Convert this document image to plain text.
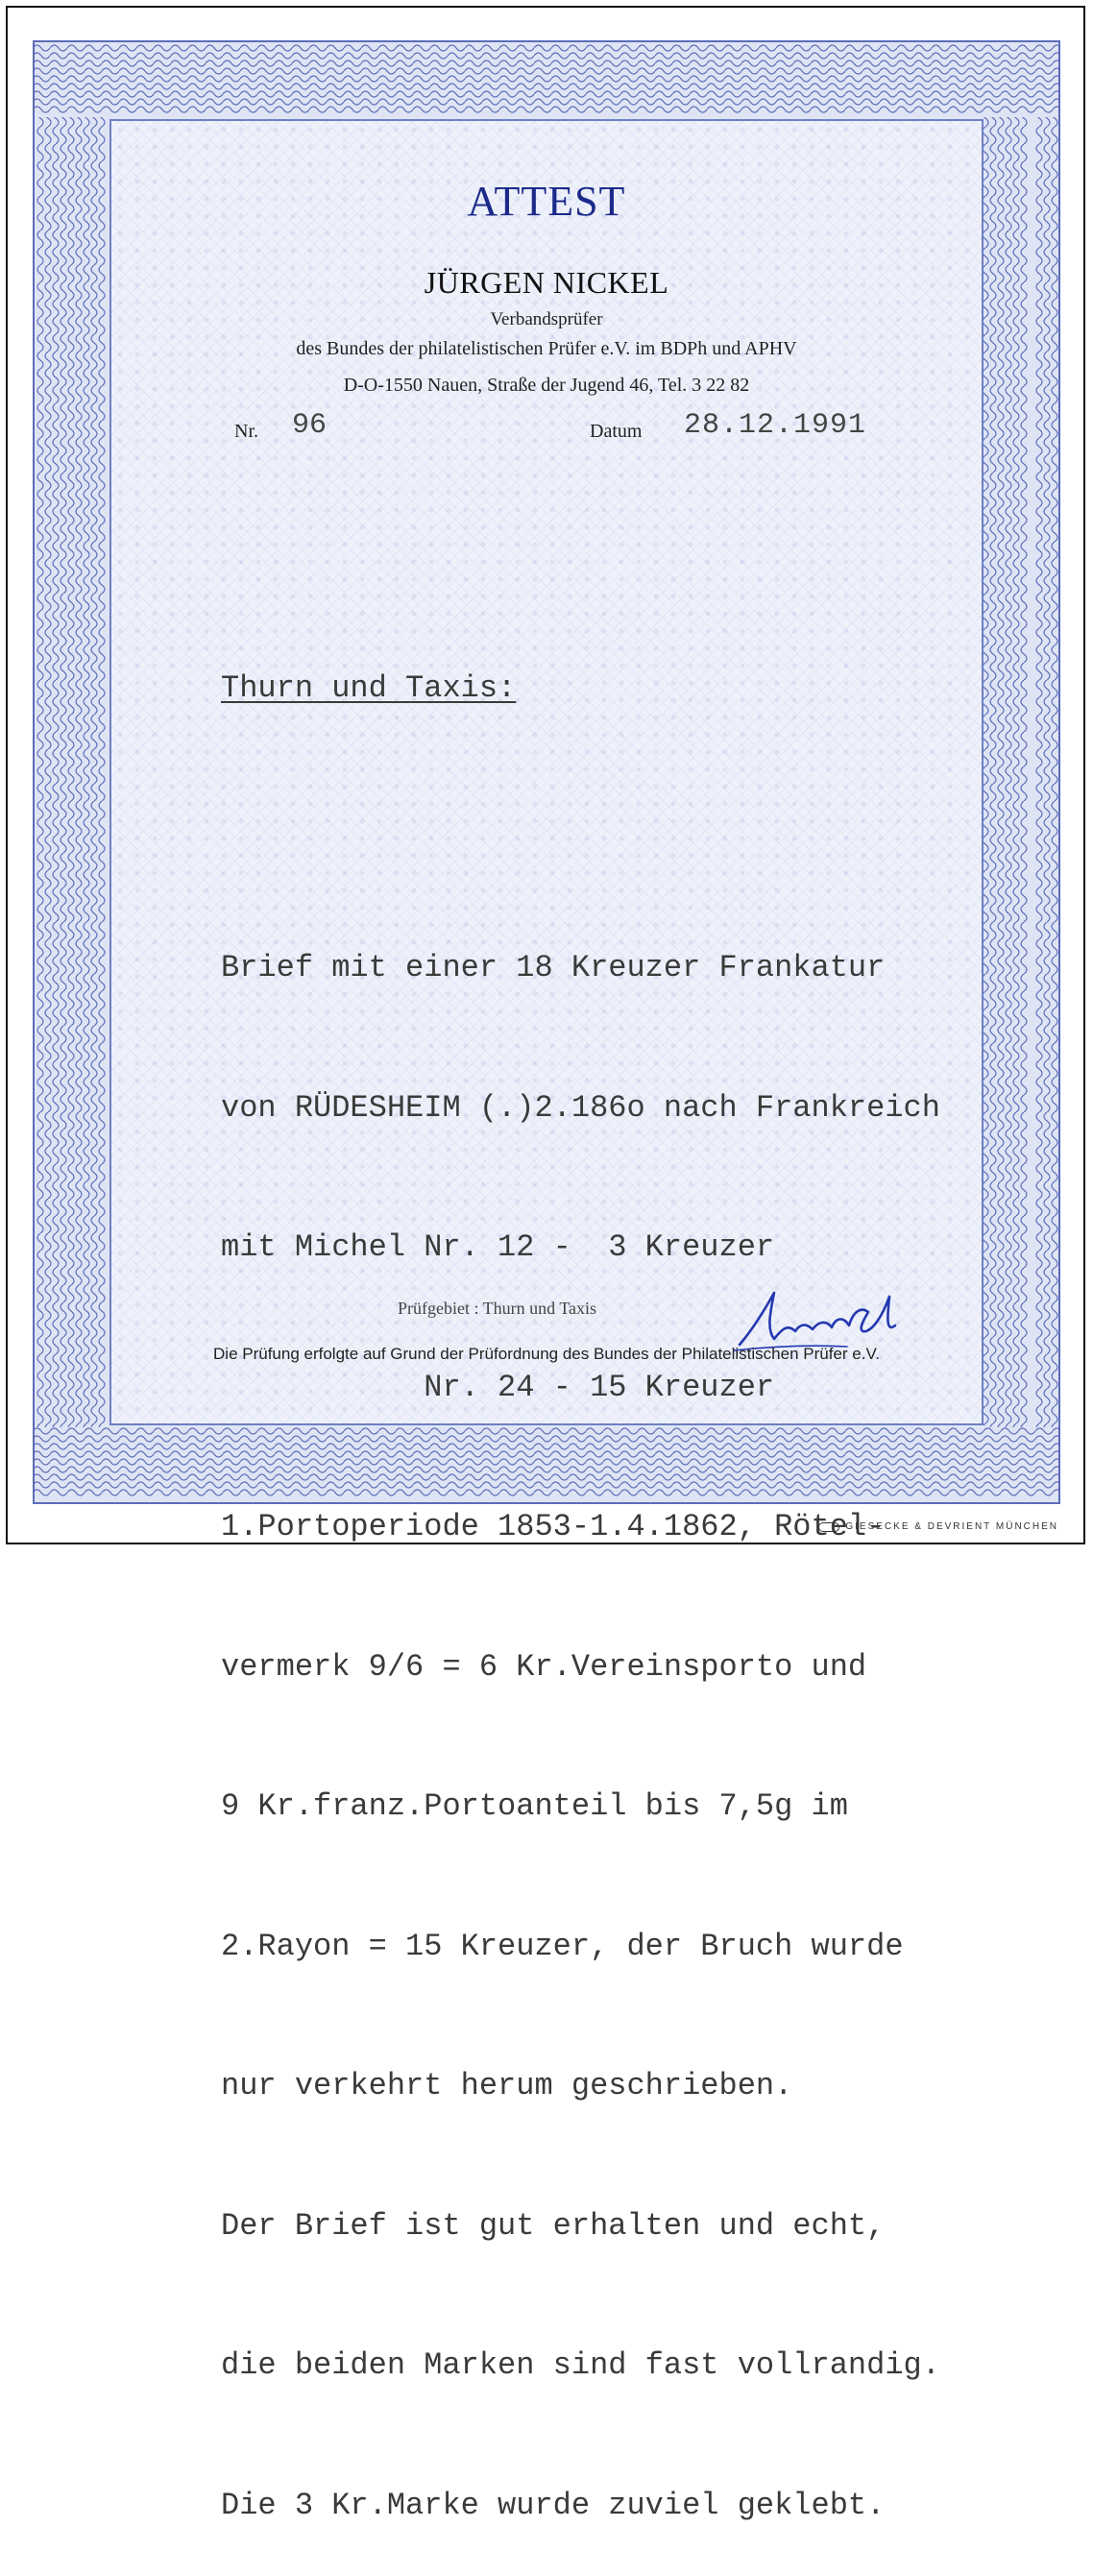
ATTEST
JÜRGEN NICKEL
Verbandsprüfer
des Bundes der philatelistischen Prüfer e.V. im BDPh und APHV
D-O-1550 Nauen, Straße der Jugend 46, Tel. 3 22 82
Nr. 96	Datum 28.12.1991

Thurn und Taxis:

Brief mit einer 18 Kreuzer Frankatur

von RÜDESHEIM (.)2.186o nach Frankreich

mit Michel Nr. 12 -  3 Kreuzer

Nr. 24 - 15 Kreuzer

1.Portoperiode 1853-1.4.1862, Rötel-

vermerk 9/6 = 6 Kr.Vereinsporto und

9 Kr.franz.Portoanteil bis 7,5g im

2.Rayon = 15 Kreuzer, der Bruch wurde

nur verkehrt herum geschrieben.

Der Brief ist gut erhalten und echt,

die beiden Marken sind fast vollrandig.

Die 3 Kr.Marke wurde zuviel geklebt.

Prüfgebiet : Thurn und Taxis
Die Prüfung erfolgte auf Grund der Prüfordnung des Bundes der Philatelistischen Prüfer e.V.
GIESECKE & DEVRIENT MÜNCHEN
